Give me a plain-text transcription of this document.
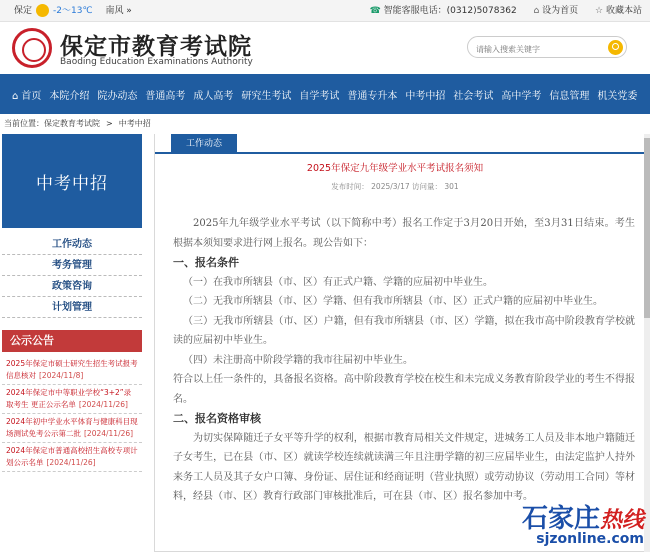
保定 -2～13℃ 南风 »	☎ 智能客服电话：(0312)5078362 ⌂ 设为首页 ☆ 收藏本站
保定市教育考试院
Baoding Education Examinations Authority
请输入搜索关键字
⌂ 首页 本院介绍 院办动态 普通高考 成人高考 研究生考试 自学考试 普通专升本 中考中招 社会考试 高中学考 信息管理 机关党委
当前位置：保定教育考试院 > 中考中招
中考中招
工作动态
考务管理
政策咨询
计划管理
公示公告
2025年保定市硕士研究生招生考试报考信息核对 [2024/11/8]
2024年保定市中等职业学校“3+2”录取考生 更正公示名单 [2024/11/26]
2024年初中学业水平体育与健康科目现场测试免考公示第二批 [2024/11/26]
2024年保定市普通高校招生高校专项计划公示名单 [2024/11/26]
工作动态
2025年保定九年级学业水平考试报名须知
发布时间： 2025/3/17 访问量： 301

2025年九年级学业水平考试（以下简称中考）报名工作定于3月20日开始，至3月31日结束。考生根据本须知要求进行网上报名。现公告如下：

一、报名条件

（一）在我市所辖县（市、区）有正式户籍、学籍的应届初中毕业生。

（二）无我市所辖县（市、区）学籍、但有我市所辖县（市、区）正式户籍的应届初中毕业生。

（三）无我市所辖县（市、区）户籍，但有我市所辖县（市、区）学籍，拟在我市高中阶段教育学校就读的应届初中毕业生。

（四）未注册高中阶段学籍的我市往届初中毕业生。

符合以上任一条件的，具备报名资格。高中阶段教育学校在校生和未完成义务教育阶段学业的考生不得报名。

二、报名资格审核

为切实保障随迁子女平等升学的权利，根据市教育局相关文件规定，进城务工人员及非本地户籍随迁子女考生，已在县（市、区）就读学校连续就读满三年且注册学籍的初三应届毕业生，由法定监护人持外来务工人员及其子女户口簿、身份证、居住证和经商证明（营业执照）或劳动协议（劳动用工合同）等材料，经县（市、区）教育行政部门审核批准后，可在县（市、区）报名参加中考。

石家庄热线
sjzonline.com
